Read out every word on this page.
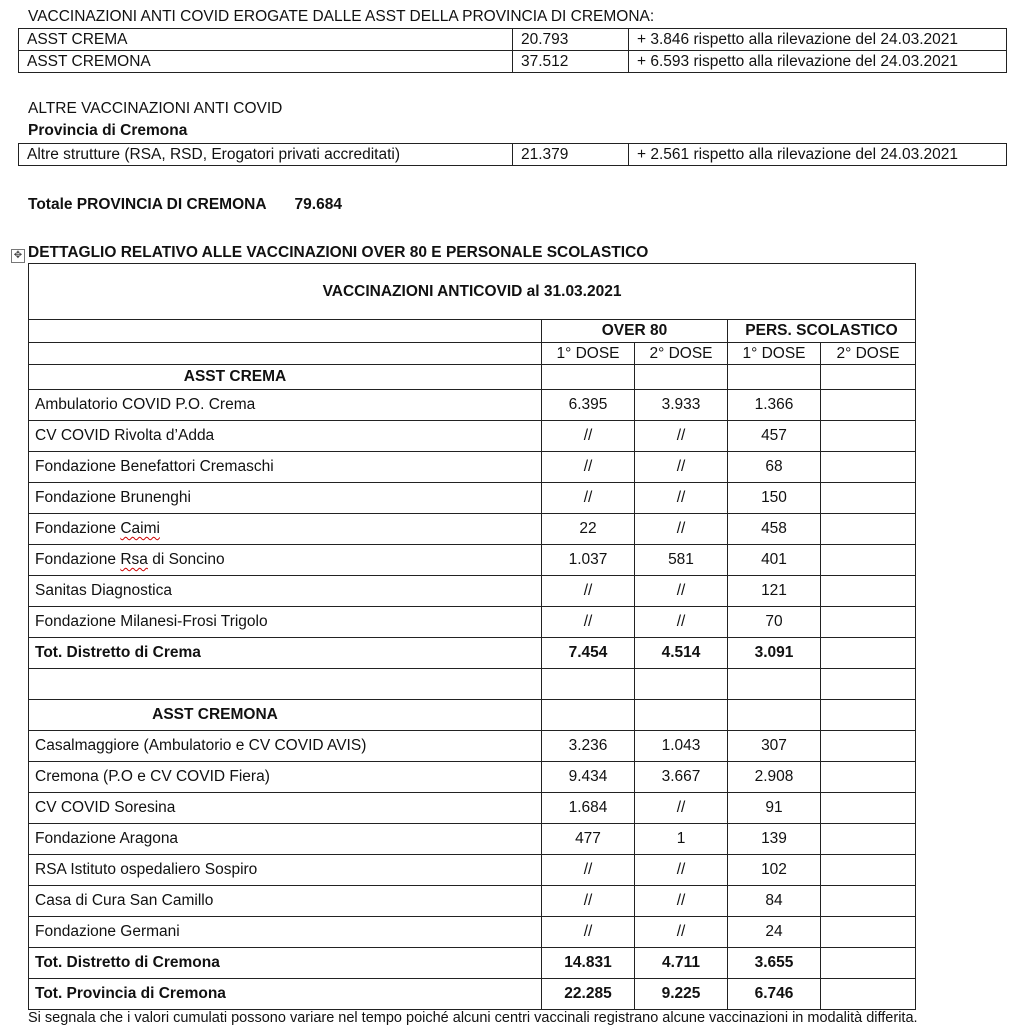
VACCINAZIONI ANTI COVID EROGATE DALLE ASST DELLA PROVINCIA DI CREMONA:
ASST CREMA	20.793	+ 3.846 rispetto alla rilevazione del 24.03.2021
ASST CREMONA	37.512	+ 6.593 rispetto alla rilevazione del 24.03.2021
ALTRE VACCINAZIONI ANTI COVID
Provincia di Cremona
Altre strutture (RSA, RSD, Erogatori privati accreditati)	21.379	+ 2.561 rispetto alla rilevazione del 24.03.2021
Totale PROVINCIA DI CREMONA 79.684
✥ DETTAGLIO RELATIVO ALLE VACCINAZIONI OVER 80 E PERSONALE SCOLASTICO
VACCINAZIONI ANTICOVID al 31.03.2021				
	OVER 80		PERS. SCOLASTICO	
	1° DOSE	2° DOSE	1° DOSE	2° DOSE
ASST CREMA				
Ambulatorio COVID P.O. Crema	6.395	3.933	1.366	
CV COVID Rivolta d’Adda	//	//	457	
Fondazione Benefattori Cremaschi	//	//	68	
Fondazione Brunenghi	//	//	150	
Fondazione Caimi	22	//	458	
Fondazione Rsa di Soncino	1.037	581	401	
Sanitas Diagnostica	//	//	121	
Fondazione Milanesi-Frosi Trigolo	//	//	70	
Tot. Distretto di Crema	7.454	4.514	3.091	

ASST CREMONA				
Casalmaggiore (Ambulatorio e CV COVID AVIS)	3.236	1.043	307	
Cremona (P.O e CV COVID Fiera)	9.434	3.667	2.908	
CV COVID Soresina	1.684	//	91	
Fondazione Aragona	477	1	139	
RSA Istituto ospedaliero Sospiro	//	//	102	
Casa di Cura San Camillo	//	//	84	
Fondazione Germani	//	//	24	
Tot. Distretto di Cremona	14.831	4.711	3.655	
Tot. Provincia di Cremona	22.285	9.225	6.746	
Si segnala che i valori cumulati possono variare nel tempo poiché alcuni centri vaccinali registrano alcune vaccinazioni in modalità differita.
